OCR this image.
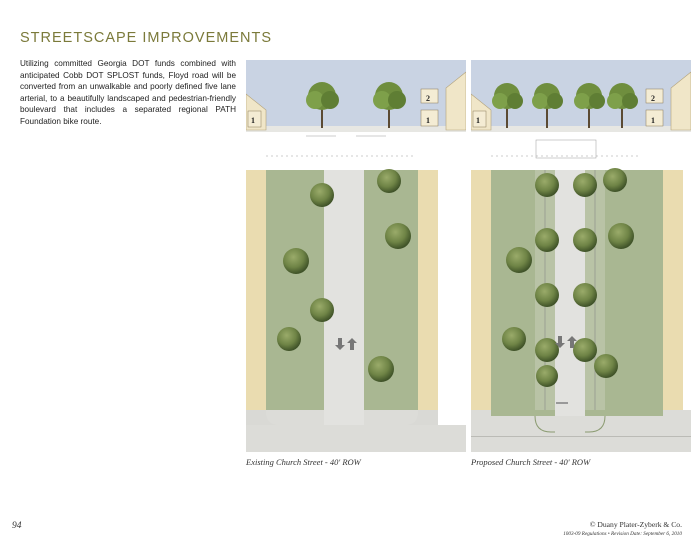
STREETSCAPE IMPROVEMENTS
Utilizing committed Georgia DOT funds combined with anticipated Cobb DOT SPLOST funds, Floyd road will be converted from an unwalkable and poorly defined five lane arterial, to a beautifully landscaped and pedestrian-friendly boulevard that includes a separated regional PATH Foundation bike route.	1
2
1
Existing Church Street - 40' ROW
1
2
1
Proposed Church Street - 40' ROW
94	© Duany Plater-Zyberk & Co.
1003-09 Regulations • Revision Date: September 6, 2010
